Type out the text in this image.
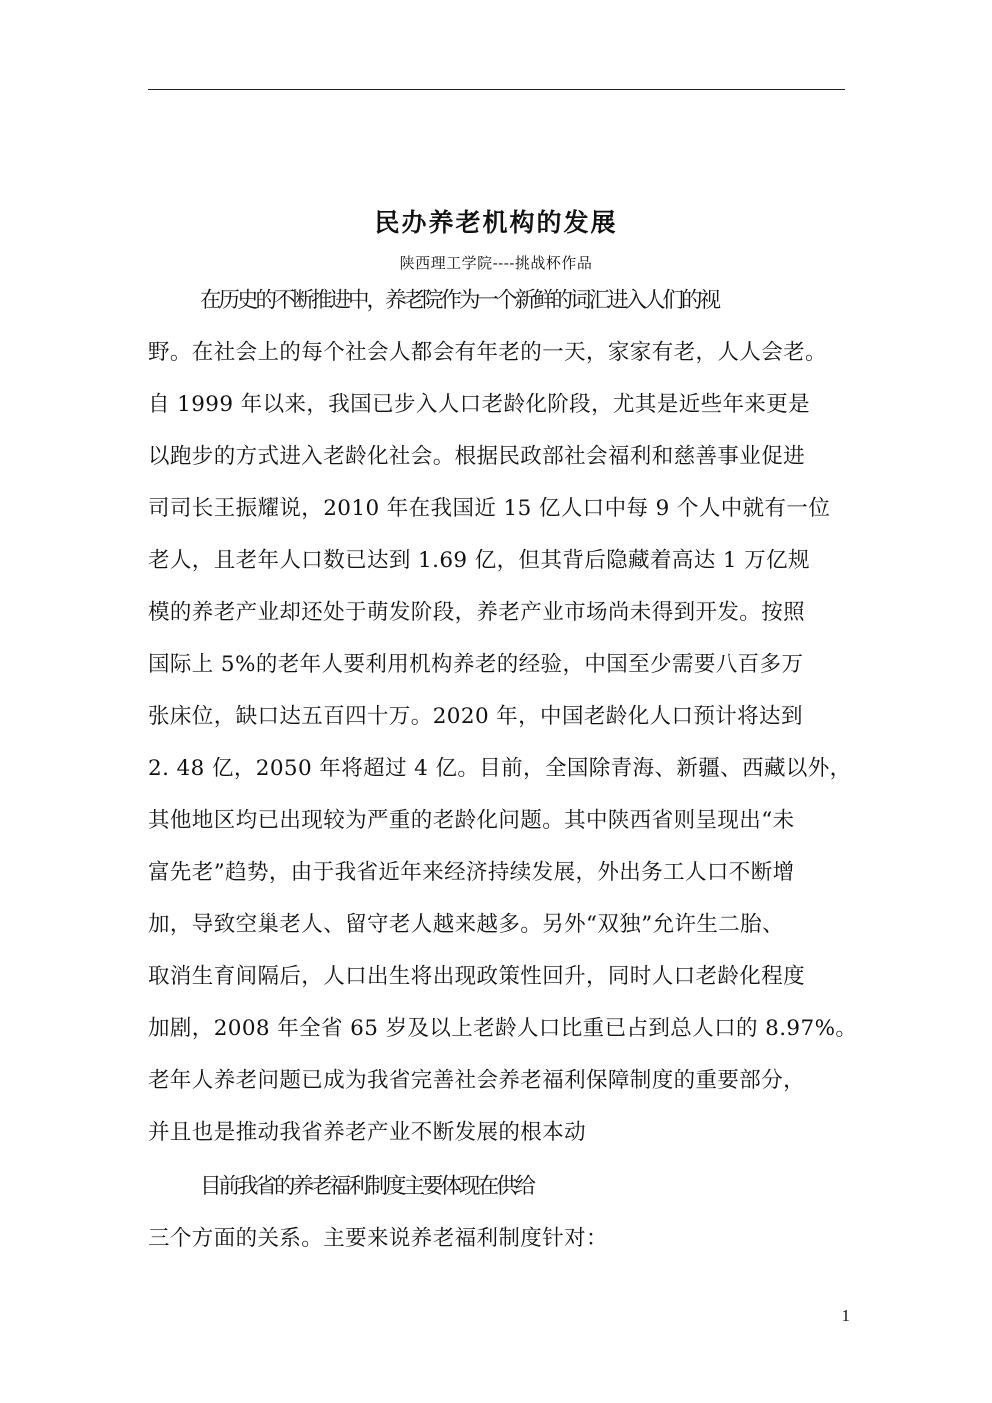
民办养老机构的发展
陕西理工学院----挑战杯作品
在历史的不断推进中，养老院作为一个新鲜的词汇进入人们的视
野。在社会上的每个社会人都会有年老的一天，家家有老，人人会老。
自 1999 年以来，我国已步入人口老龄化阶段，尤其是近些年来更是
以跑步的方式进入老龄化社会。根据民政部社会福利和慈善事业促进
司司长王振耀说，2010 年在我国近 15 亿人口中每 9 个人中就有一位
老人，且老年人口数已达到 1.69 亿，但其背后隐藏着高达 1 万亿规
模的养老产业却还处于萌发阶段，养老产业市场尚未得到开发。按照
国际上 5%的老年人要利用机构养老的经验，中国至少需要八百多万
张床位，缺口达五百四十万。2020 年，中国老龄化人口预计将达到
2. 48 亿，2050 年将超过 4 亿。目前，全国除青海、新疆、西藏以外，
其他地区均已出现较为严重的老龄化问题。其中陕西省则呈现出“未
富先老”趋势，由于我省近年来经济持续发展，外出务工人口不断增
加，导致空巢老人、留守老人越来越多。另外“双独”允许生二胎、
取消生育间隔后，人口出生将出现政策性回升，同时人口老龄化程度
加剧，2008 年全省 65 岁及以上老龄人口比重已占到总人口的 8.97%。
老年人养老问题已成为我省完善社会养老福利保障制度的重要部分，
并且也是推动我省养老产业不断发展的根本动
目前我省的养老福利制度主要体现在供给
三个方面的关系。主要来说养老福利制度针对：
1
